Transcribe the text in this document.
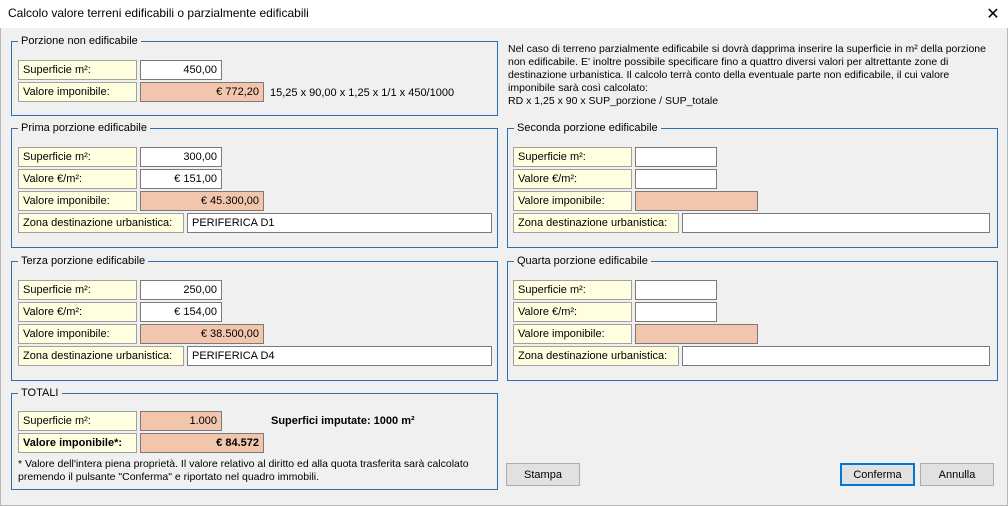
Calcolo valore terreni edificabili o parzialmente edificabili	✕
Porzione non edificabile
Superficie m²:	450,00
Valore imponibile:	€ 772,20	15,25 x 90,00 x 1,25 x 1/1 x 450/1000
Nel caso di terreno parzialmente edificabile si dovrà dapprima inserire la superficie in m² della porzione non edificabile. E' inoltre possibile specificare fino a quattro diversi valori per altrettante zone di destinazione urbanistica. Il calcolo terrà conto della eventuale parte non edificabile, il cui valore imponibile sarà così calcolato:
RD x 1,25 x 90 x SUP_porzione / SUP_totale
Prima porzione edificabile
Superficie m²:	300,00
Valore €/m²:	€ 151,00
Valore imponibile:	€ 45.300,00
Zona destinazione urbanistica:	PERIFERICA D1
Seconda porzione edificabile
Superficie m²:
Valore €/m²:
Valore imponibile:
Zona destinazione urbanistica:
Terza porzione edificabile
Superficie m²:	250,00
Valore €/m²:	€ 154,00
Valore imponibile:	€ 38.500,00
Zona destinazione urbanistica:	PERIFERICA D4
Quarta porzione edificabile
Superficie m²:
Valore €/m²:
Valore imponibile:
Zona destinazione urbanistica:
TOTALI
Superficie m²:	1.000	Superfici imputate: 1000 m²
Valore imponibile*:	€ 84.572
* Valore dell'intera piena proprietà. Il valore relativo al diritto ed alla quota trasferita sarà calcolato premendo il pulsante "Conferma" e riportato nel quadro immobili.	Stampa	Conferma	Annulla
